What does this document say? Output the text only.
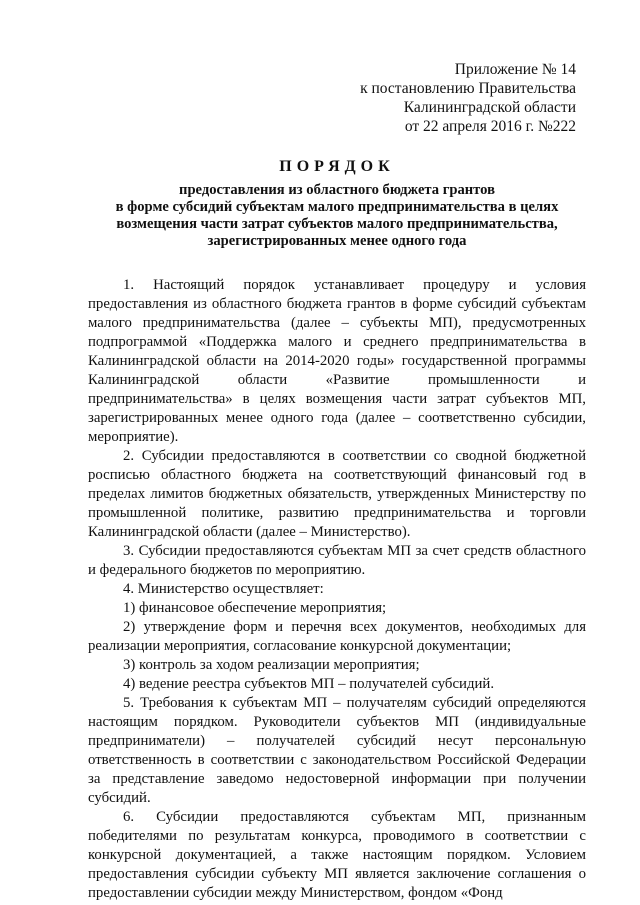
Приложение № 14
к постановлению Правительства
Калининградской области
от 22 апреля 2016 г. №222
ПОРЯДОК
предоставления из областного бюджета грантов
в форме субсидий субъектам малого предпринимательства в целях
возмещения части затрат субъектов малого предпринимательства,
зарегистрированных менее одного года

1. Настоящий порядок устанавливает процедуру и условия предоставления из областного бюджета грантов в форме субсидий субъектам малого предпринимательства (далее – субъекты МП), предусмотренных подпрограммой «Поддержка малого и среднего предпринимательства в Калининградской области на 2014-2020 годы» государственной программы Калининградской области «Развитие промышленности и предпринимательства» в целях возмещения части затрат субъектов МП, зарегистрированных менее одного года (далее – соответственно субсидии, мероприятие).

2. Субсидии предоставляются в соответствии со сводной бюджетной росписью областного бюджета на соответствующий финансовый год в пределах лимитов бюджетных обязательств, утвержденных Министерству по промышленной политике, развитию предпринимательства и торговли Калининградской области (далее – Министерство).

3. Субсидии предоставляются субъектам МП за счет средств областного и федерального бюджетов по мероприятию.

4. Министерство осуществляет:

1) финансовое обеспечение мероприятия;

2) утверждение форм и перечня всех документов, необходимых для реализации мероприятия, согласование конкурсной документации;

3) контроль за ходом реализации мероприятия;

4) ведение реестра субъектов МП – получателей субсидий.

5. Требования к субъектам МП – получателям субсидий определяются настоящим порядком. Руководители субъектов МП (индивидуальные предприниматели) – получателей субсидий несут персональную ответственность в соответствии с законодательством Российской Федерации за представление заведомо недостоверной информации при получении субсидий.

6. Субсидии предоставляются субъектам МП, признанным победителями по результатам конкурса, проводимого в соответствии с конкурсной документацией, а также настоящим порядком. Условием предоставления субсидии субъекту МП является заключение соглашения о предоставлении субсидии между Министерством, фондом «Фонд
